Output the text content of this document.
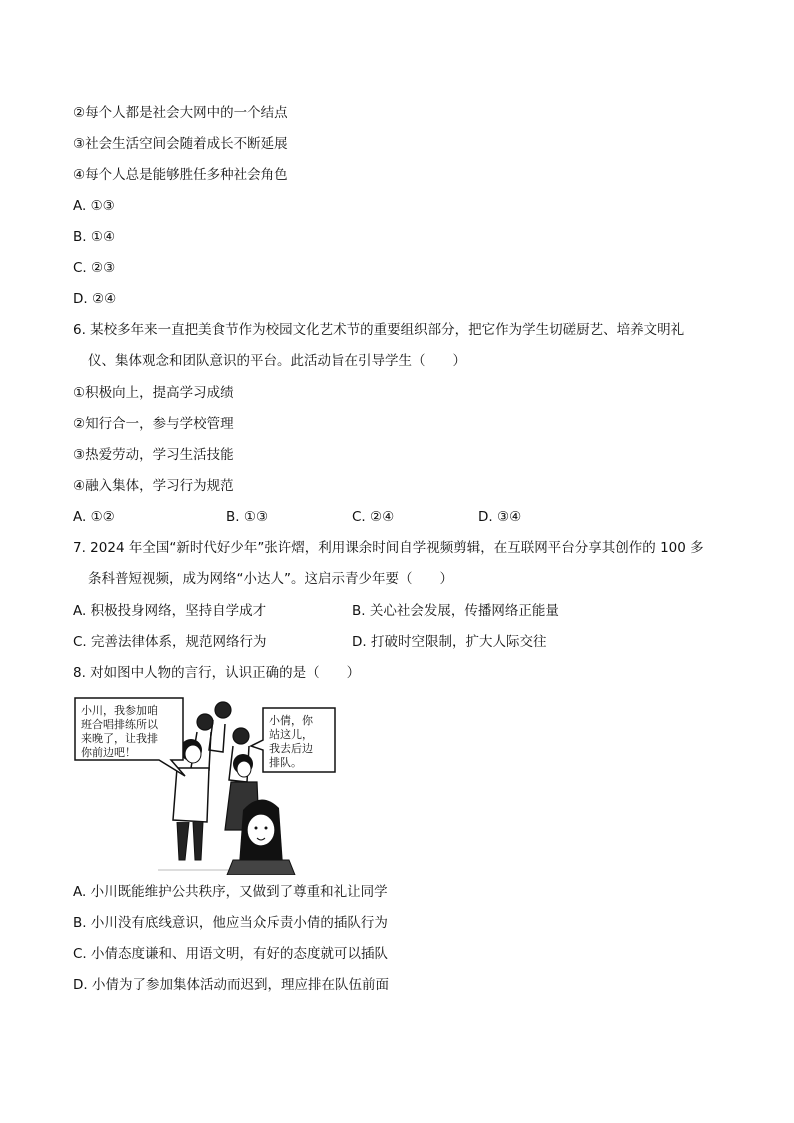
②每个人都是社会大网中的一个结点
③社会生活空间会随着成长不断延展
④每个人总是能够胜任多种社会角色
A. ①③
B. ①④
C. ②③
D. ②④
6. 某校多年来一直把美食节作为校园文化艺术节的重要组织部分，把它作为学生切磋厨艺、培养文明礼
仪、集体观念和团队意识的平台。此活动旨在引导学生（　　）
①积极向上，提高学习成绩
②知行合一，参与学校管理
③热爱劳动，学习生活技能
④融入集体，学习行为规范
A. ①②	B. ①③	C. ②④	D. ③④
7. 2024 年全国“新时代好少年”张许熠，利用课余时间自学视频剪辑，在互联网平台分享其创作的 100 多
条科普短视频，成为网络“小达人”。这启示青少年要（　　）
A. 积极投身网络，坚持自学成才	B. 关心社会发展，传播网络正能量
C. 完善法律体系，规范网络行为	D. 打破时空限制，扩大人际交往
8. 对如图中人物的言行，认识正确的是（　　）
小川，我参加咱
班合唱排练所以
来晚了，让我排
你前边吧！
小倩，你
站这儿，
我去后边
排队。
A. 小川既能维护公共秩序，又做到了尊重和礼让同学
B. 小川没有底线意识，他应当众斥责小倩的插队行为
C. 小倩态度谦和、用语文明，有好的态度就可以插队
D. 小倩为了参加集体活动而迟到，理应排在队伍前面
